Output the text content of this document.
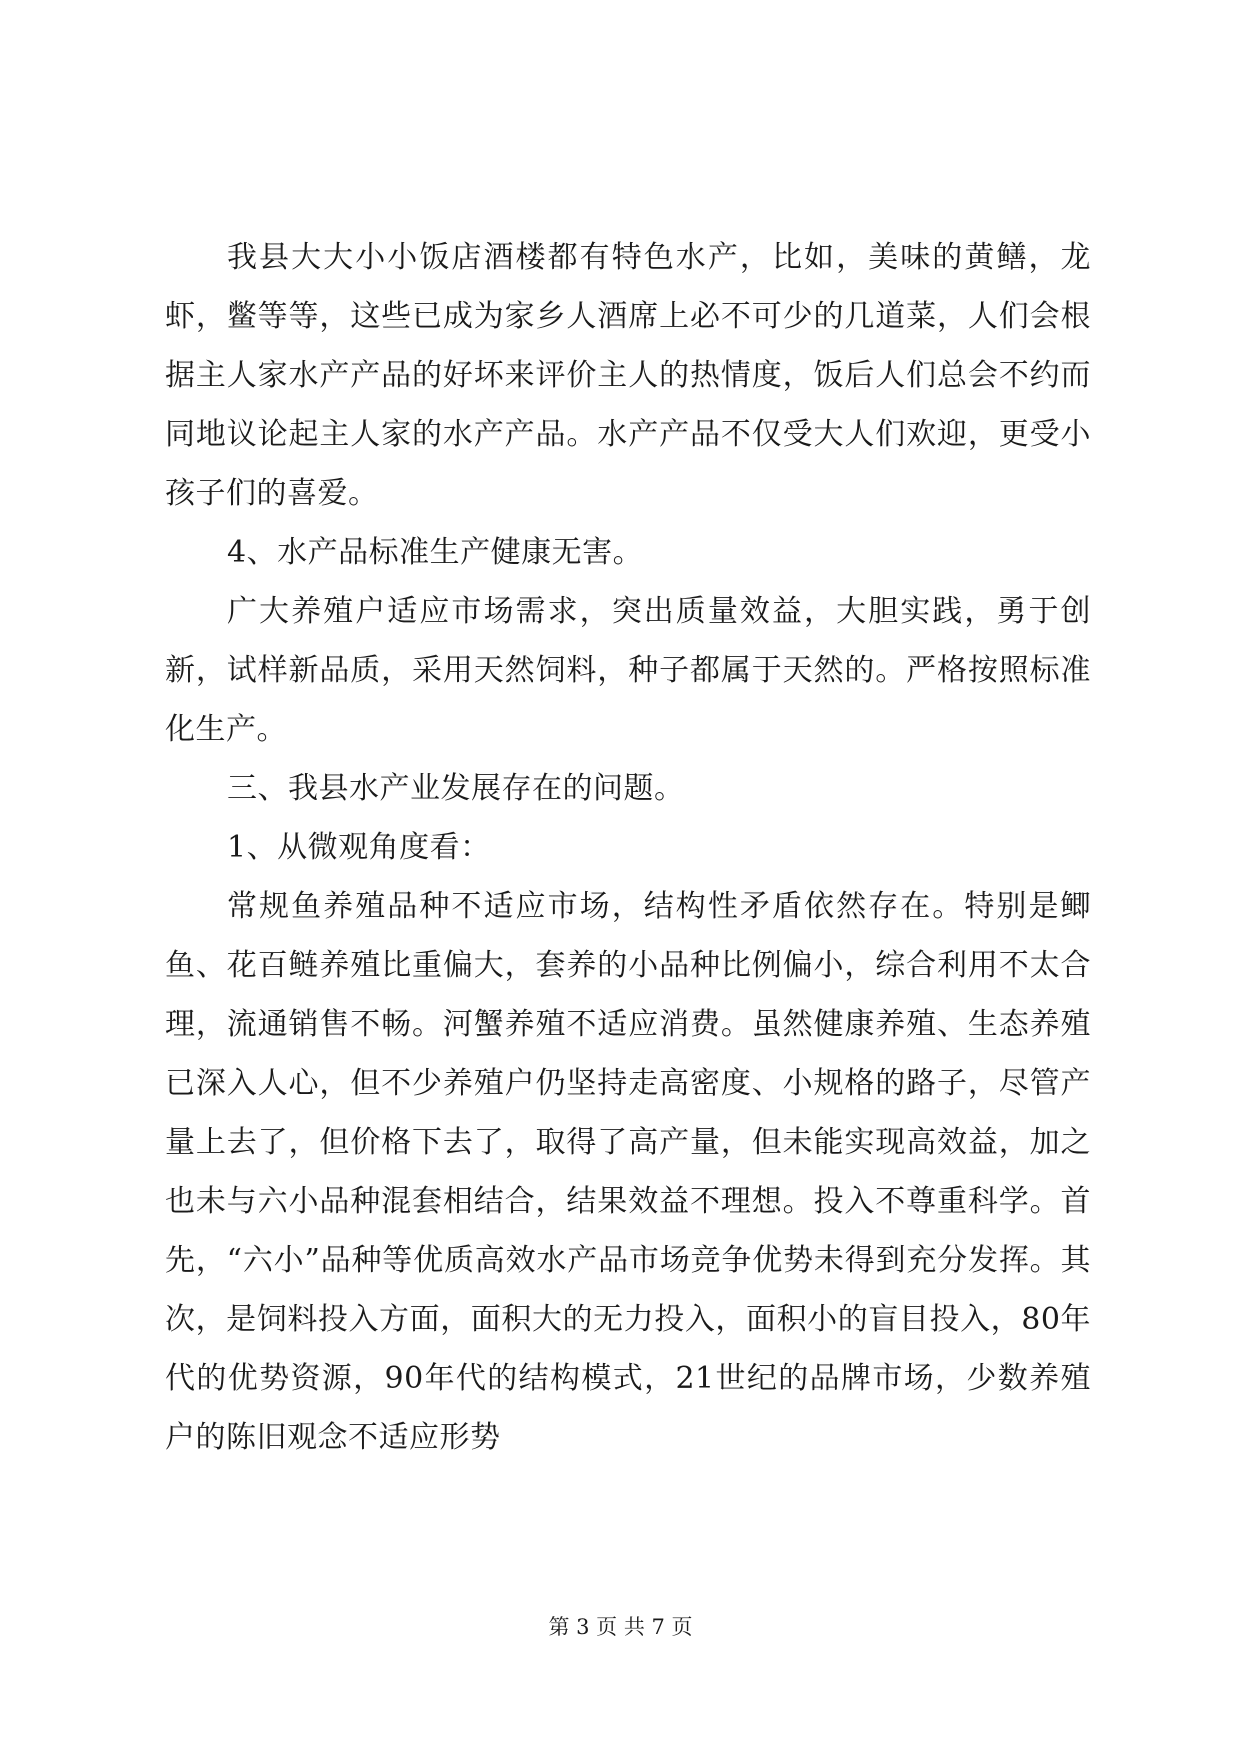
我县大大小小饭店酒楼都有特色水产，比如，美味的黄鳝，龙虾，鳖等等，这些已成为家乡人酒席上必不可少的几道菜，人们会根据主人家水产产品的好坏来评价主人的热情度，饭后人们总会不约而同地议论起主人家的水产产品。水产产品不仅受大人们欢迎，更受小孩子们的喜爱。

4、水产品标准生产健康无害。

广大养殖户适应市场需求，突出质量效益，大胆实践，勇于创新，试样新品质，采用天然饲料，种子都属于天然的。严格按照标准化生产。

三、我县水产业发展存在的问题。

1、从微观角度看：

常规鱼养殖品种不适应市场，结构性矛盾依然存在。特别是鲫鱼、花百鲢养殖比重偏大，套养的小品种比例偏小，综合利用不太合理，流通销售不畅。河蟹养殖不适应消费。虽然健康养殖、生态养殖已深入人心，但不少养殖户仍坚持走高密度、小规格的路子，尽管产量上去了，但价格下去了，取得了高产量，但未能实现高效益，加之也未与六小品种混套相结合，结果效益不理想。投入不尊重科学。首先，“六小”品种等优质高效水产品市场竞争优势未得到充分发挥。其次，是饲料投入方面，面积大的无力投入，面积小的盲目投入，80年代的优势资源，90年代的结构模式，21世纪的品牌市场，少数养殖户的陈旧观念不适应形势

第 3 页 共 7 页
